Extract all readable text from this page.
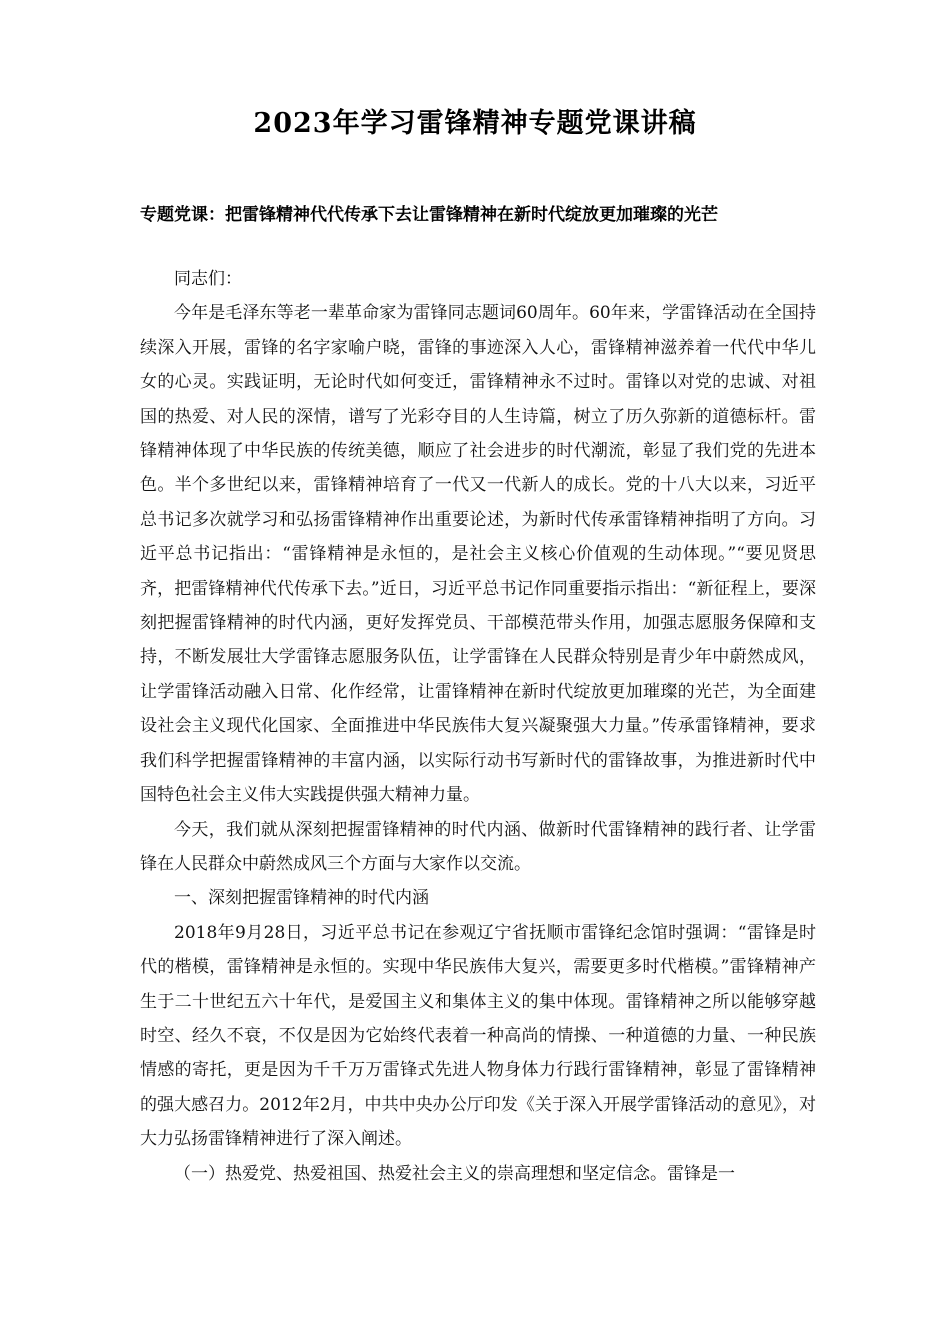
2023年学习雷锋精神专题党课讲稿
专题党课：把雷锋精神代代传承下去让雷锋精神在新时代绽放更加璀璨的光芒

同志们：

今年是毛泽东等老一辈革命家为雷锋同志题词60周年。60年来，学雷锋活动在全国持续深入开展，雷锋的名字家喻户晓，雷锋的事迹深入人心，雷锋精神滋养着一代代中华儿女的心灵。实践证明，无论时代如何变迁，雷锋精神永不过时。雷锋以对党的忠诚、对祖国的热爱、对人民的深情，谱写了光彩夺目的人生诗篇，树立了历久弥新的道德标杆。雷锋精神体现了中华民族的传统美德，顺应了社会进步的时代潮流，彰显了我们党的先进本色。半个多世纪以来，雷锋精神培育了一代又一代新人的成长。党的十八大以来，习近平总书记多次就学习和弘扬雷锋精神作出重要论述，为新时代传承雷锋精神指明了方向。习近平总书记指出：“雷锋精神是永恒的，是社会主义核心价值观的生动体现。”“要见贤思齐，把雷锋精神代代传承下去。”近日，习近平总书记作同重要指示指出：“新征程上，要深刻把握雷锋精神的时代内涵，更好发挥党员、干部模范带头作用，加强志愿服务保障和支持，不断发展壮大学雷锋志愿服务队伍，让学雷锋在人民群众特别是青少年中蔚然成风，让学雷锋活动融入日常、化作经常，让雷锋精神在新时代绽放更加璀璨的光芒，为全面建设社会主义现代化国家、全面推进中华民族伟大复兴凝聚强大力量。”传承雷锋精神，要求我们科学把握雷锋精神的丰富内涵，以实际行动书写新时代的雷锋故事，为推进新时代中国特色社会主义伟大实践提供强大精神力量。

今天，我们就从深刻把握雷锋精神的时代内涵、做新时代雷锋精神的践行者、让学雷锋在人民群众中蔚然成风三个方面与大家作以交流。

一、深刻把握雷锋精神的时代内涵

2018年9月28日，习近平总书记在参观辽宁省抚顺市雷锋纪念馆时强调：“雷锋是时代的楷模，雷锋精神是永恒的。实现中华民族伟大复兴，需要更多时代楷模。”雷锋精神产生于二十世纪五六十年代，是爱国主义和集体主义的集中体现。雷锋精神之所以能够穿越时空、经久不衰，不仅是因为它始终代表着一种高尚的情操、一种道德的力量、一种民族情感的寄托，更是因为千千万万雷锋式先进人物身体力行践行雷锋精神，彰显了雷锋精神的强大感召力。2012年2月，中共中央办公厅印发《关于深入开展学雷锋活动的意见》，对大力弘扬雷锋精神进行了深入阐述。

（一）热爱党、热爱祖国、热爱社会主义的崇高理想和坚定信念。雷锋是一
